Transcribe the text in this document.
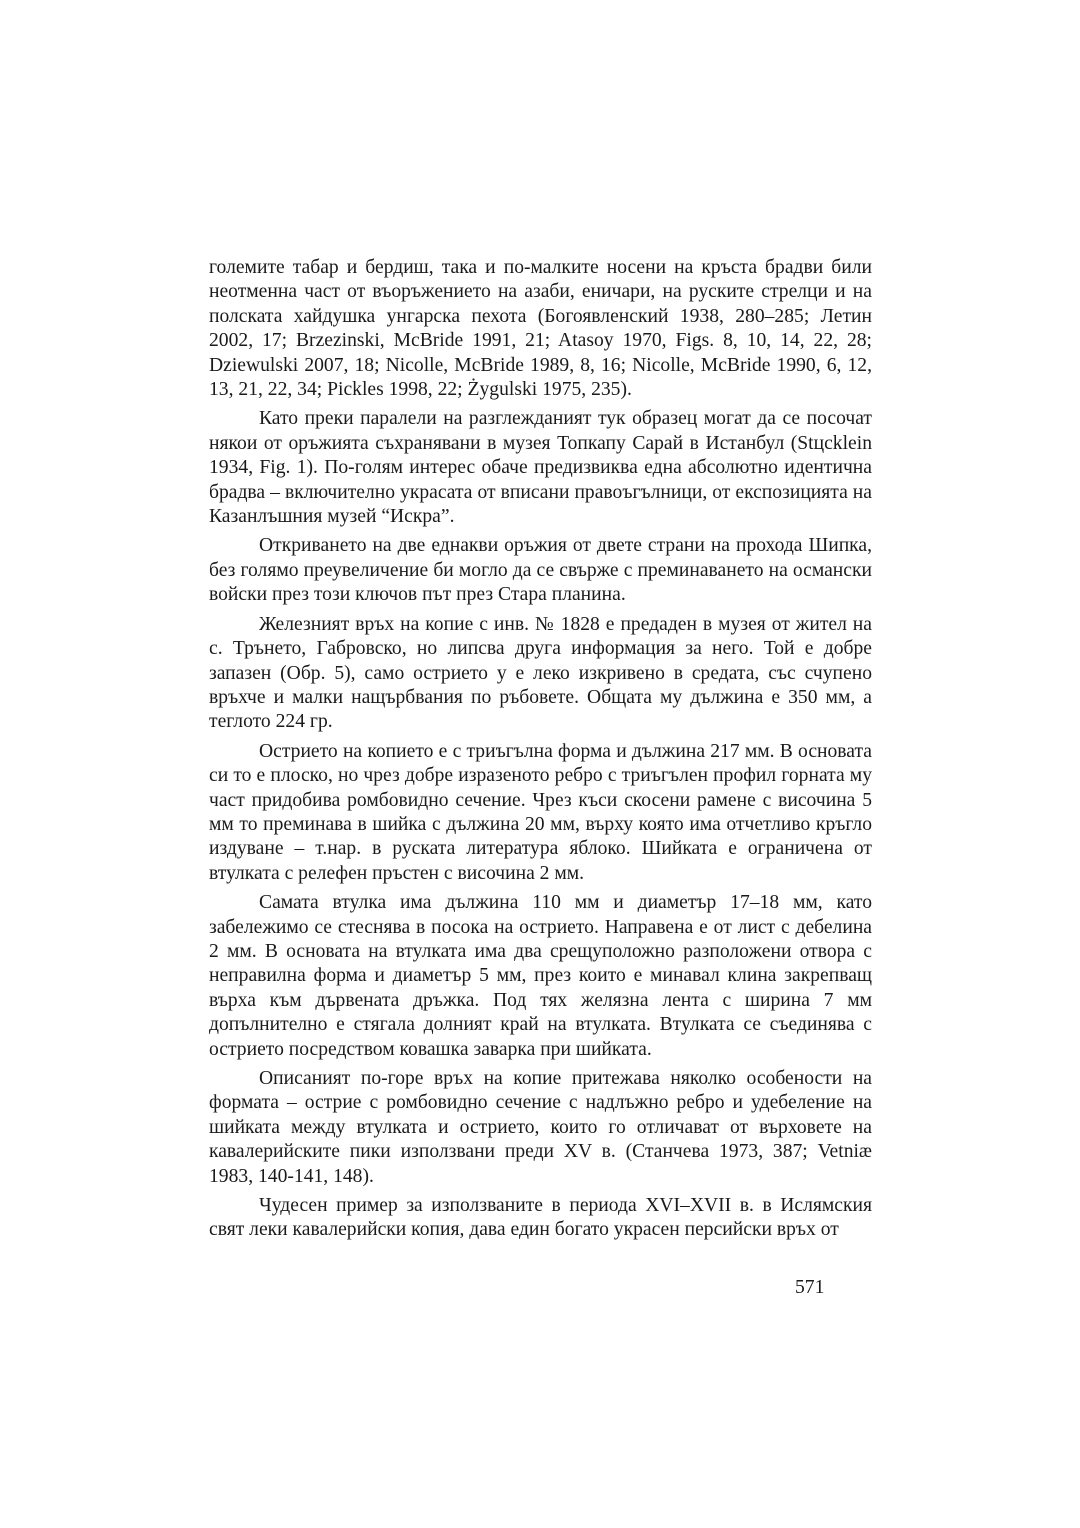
големите табар и бердиш, така и по-малките носени на кръста брадви били неотменна част от въоръжението на азаби, еничари, на руските стрелци и на полската хайдушка унгарска пехота (Богоявленский 1938, 280–285; Летин 2002, 17; Brzezinski, McBride 1991, 21; Atasoy 1970, Figs. 8, 10, 14, 22, 28; Dziewulski 2007, 18; Nicolle, McBride 1989, 8, 16; Nicolle, McBride 1990, 6, 12, 13, 21, 22, 34; Pickles 1998, 22; Żygulski 1975, 235).

Като преки паралели на разглежданият тук образец могат да се посочат някои от оръжията съхранявани в музея Топкапу Сарай в Истанбул (Stцcklein 1934, Fig. 1). По-голям интерес обаче предизвиква една абсолютно идентична брадва – включително украсата от вписани правоъгълници, от експозицията на Казанлъшния музей “Искра”.

Откриването на две еднакви оръжия от двете страни на прохода Шипка, без голямо преувеличение би могло да се свърже с преминаването на османски войски през този ключов път през Стара планина.

Железният връх на копие с инв. № 1828 е предаден в музея от жител на с. Трънето, Габровско, но липсва друга информация за него. Той е добре запазен (Обр. 5), само острието у е леко изкривено в средата, със счупено връхче и малки нащърбвания по ръбовете. Общата му дължина е 350 мм, а теглото 224 гр.

Острието на копието е с триъгълна форма и дължина 217 мм. В основата си то е плоско, но чрез добре изразеното ребро с триъгълен профил горната му част придобива ромбовидно сечение. Чрез къси скосени рамене с височина 5 мм то преминава в шийка с дължина 20 мм, върху която има отчетливо кръгло издуване – т.нар. в руската литература яблоко. Шийката е ограничена от втулката с релефен пръстен с височина 2 мм.

Самата втулка има дължина 110 мм и диаметър 17–18 мм, като забележимо се стеснява в посока на острието. Направена е от лист с дебелина 2 мм. В основата на втулката има два срещуположно разположени отвора с неправилна форма и диаметър 5 мм, през които е минавал клина закрепващ върха към дървената дръжка. Под тях желязна лента с ширина 7 мм допълнително е стягала долният край на втулката. Втулката се съединява с острието посредством ковашка заварка при шийката.

Описаният по-горе връх на копие притежава няколко особености на формата – острие с ромбовидно сечение с надлъжно ребро и удебеление на шийката между втулката и острието, които го отличават от върховете на кавалерийските пики използвани преди XV в. (Станчева 1973, 387; Vetniæ 1983, 140-141, 148).

Чудесен пример за използваните в периода XVI–XVII в. в Ислямския свят леки кавалерийски копия, дава един богато украсен персийски връх от

571
